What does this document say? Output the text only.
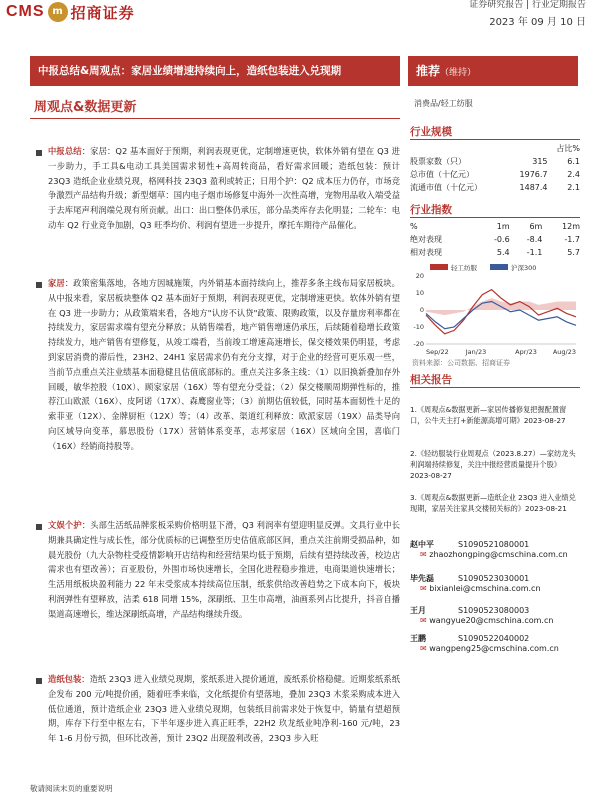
CMS m 招商证券	证券研究报告 | 行业定期报告
2023 年 09 月 10 日
中报总结&周观点：家居业绩增速持续向上，造纸包装进入兑现期	推荐（维持）
周观点&数据更新	消费品/轻工纺服
中报总结：家居：Q2 基本面好于预期，利润表现更优，定制增速更快，软体外销有望在 Q3 进一步助力，手工具&电动工具美国需求韧性+高周转商品，看好需求回暖；造纸包装：预计 23Q3 造纸企业业绩兑现，格网科技 23Q3 盈利或转正；日用个护：Q2 成本压力仍存，市场竞争激烈产品结构升级；新型烟草：国内电子烟市场修复中海外一次性高增，宠物用品收入端受益于去库尾声利润端兑现有所贡献。出口：出口整体仍承压，部分品类库存去化明显；二轮车：电动车 Q2 行业竞争加剧，Q3 旺季均价、利润有望进一步提升，摩托车期待产品催化。
家居：政策密集落地，各地方因城施策，内外销基本面持续向上，推荐多条主线布局家居板块。从中报来看，家居板块整体 Q2 基本面好于预期，利润表现更优，定制增速更快。软体外销有望在 Q3 进一步助力；从政策端来看，各地方"认房不认贷"政策、限购政策，以及存量房利率都在持续发力，家居需求端有望充分释放；从销售端看，地产销售增速仍承压，后续随着稳增长政策持续发力，地产销售有望修复，从竣工端看，当前竣工增速高速增长，保交楼效果仍明显，考虑到家居消费的滞后性，23H2、24H1 家居需求仍有充分支撑，对于企业的经营可更乐观一些，当前节点重点关注业绩基本面稳健且估值底部标的。重点关注多条主线：（1）以旧换新叠加存外回暖，敏华控股（10X）、顾家家居（16X）等有望充分受益；（2）保交楼顺周期弹性标的，推荐江山欧派（16X）、皮阿诺（17X）、森鹰窗业等；（3）前期估值较低，同时基本面韧性十足的索菲亚（12X）、金牌厨柜（12X）等；（4）改革、渠道红利释放：欧派家居（19X）品类导向向区域导向变革，慕思股份（17X）营销体系变革，志邦家居（16X）区域向全国，喜临门（16X）经销商持股等。
文娱个护：头部生活纸品牌浆板采购价格明显下滑，Q3 利润率有望迎明显反弹。文具行业中长期兼具确定性与成长性，部分优质标的已调整至历史估值底部区间，重点关注前期受损品种，如晨光股份（九大杂物柱受疫情影响开店结构和经营结果均低于预期，后续有望持续改善，校边店需求也有望改善）；百亚股份，外围市场快速增长，全国化进程稳步推进，电商渠道快速增长；生活用纸板块盈利能力 22 年末受浆成本持续高位压制，纸浆供给改善趋势之下成本向下，板块利润弹性有望释放，洁柔 618 同增 15%，深刷纸、卫生巾高增，油画系列占比提升，抖音自播渠道高速增长，维达深刷纸高增，产品结构继续升级。
造纸包装：造纸 23Q3 进入业绩兑现期，浆纸系进入提价通道，废纸系价格稳健。近期浆纸系纸企发布 200 元/吨提价函，随着旺季来临，文化纸提价有望落地，叠加 23Q3 木浆采购成本进入低位通道，预计造纸企业 23Q3 进入业绩兑现期，包装纸目前需求处于恢复中，销量有望超预期，库存下行至中枢左右，下半年逐步进入真正旺季，22H2 玖龙纸业吨净利-160 元/吨，23 年 1-6 月份亏损，但环比改善，预计 23Q2 出现盈利改善，23Q3 步入旺
行业规模
		占比%
股票家数（只）	315	6.1
总市值（十亿元）	1976.7	2.4
流通市值（十亿元）	1487.4	2.1
行业指数
%	1m	6m	12m
绝对表现	-0.6	-8.4	-1.7
相对表现	5.4	-1.1	5.7
轻工纺服	沪深300
-20
-10
0
10
20
Sep/22	Jan/23	Apr/23 Aug/23
资料来源：公司数据、招商证券
相关报告
1.《周观点&数据更新—家居传播修复把握配置窗口，公牛天主打+新能源高增可期》2023-08-27
2.《轻纺服装行业周观点（2023.8.27）—家纺龙头利润端持续修复，关注中报经营质量提升个股》2023-08-27
3.《周观点&数据更新—造纸企业 23Q3 进入业绩兑现期，家居关注家具交楼韧关标的》2023-08-21
赵中平	S1090521080001
✉ zhaozhongping@cmschina.com.cn
毕先磊	S1090523030001
✉ bixianlei@cmschina.com.cn
王月	S1090523080003
✉ wangyue20@cmschina.com.cn
王鹏	S1090522040002
✉ wangpeng25@cmschina.com.cn
敬请阅读末页的重要说明
